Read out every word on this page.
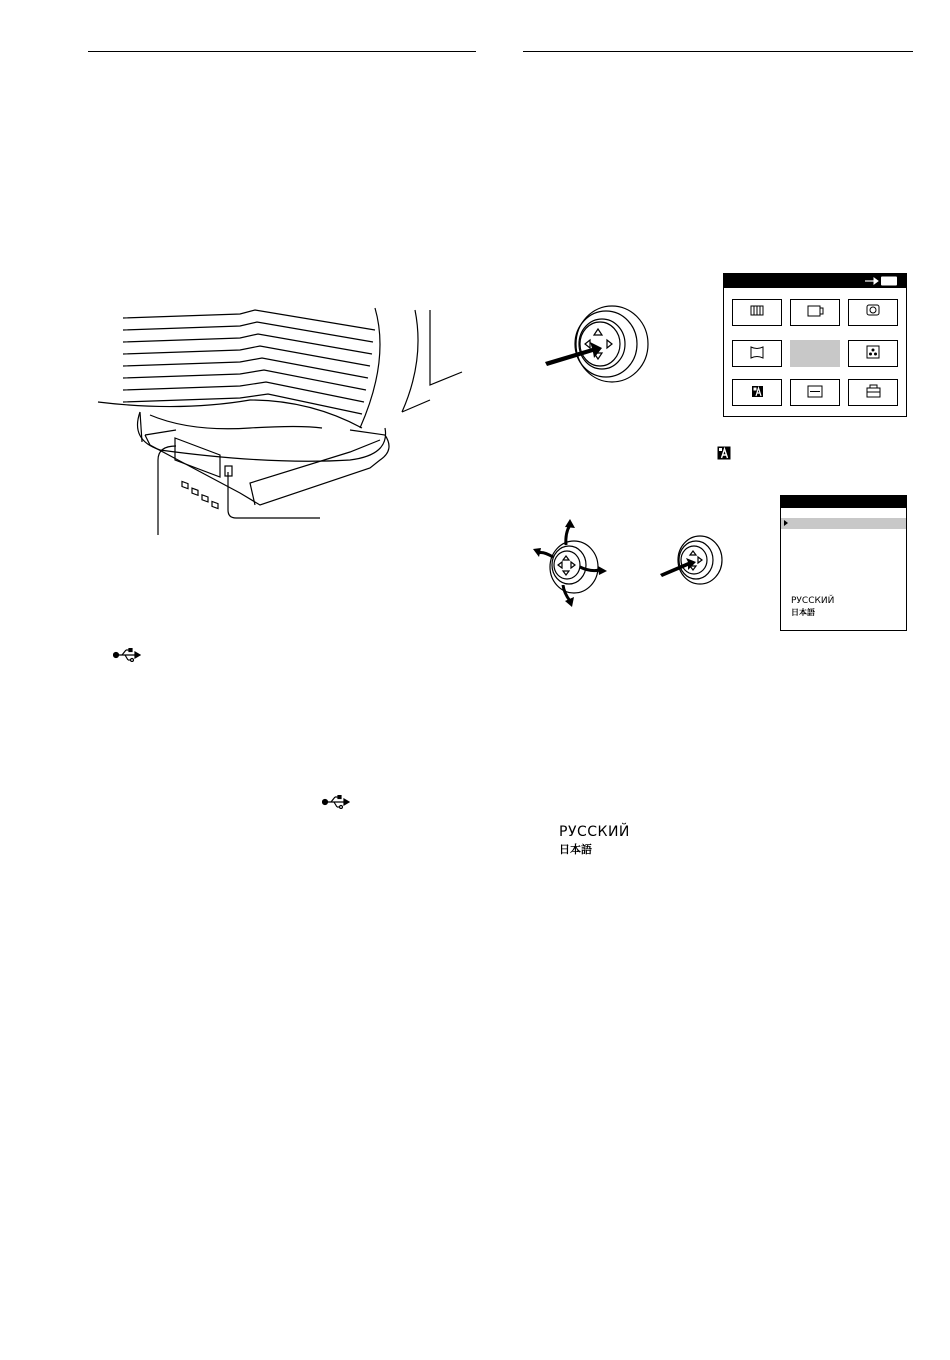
РУССКИЙ
日本語
РУССКИЙ
日本語
